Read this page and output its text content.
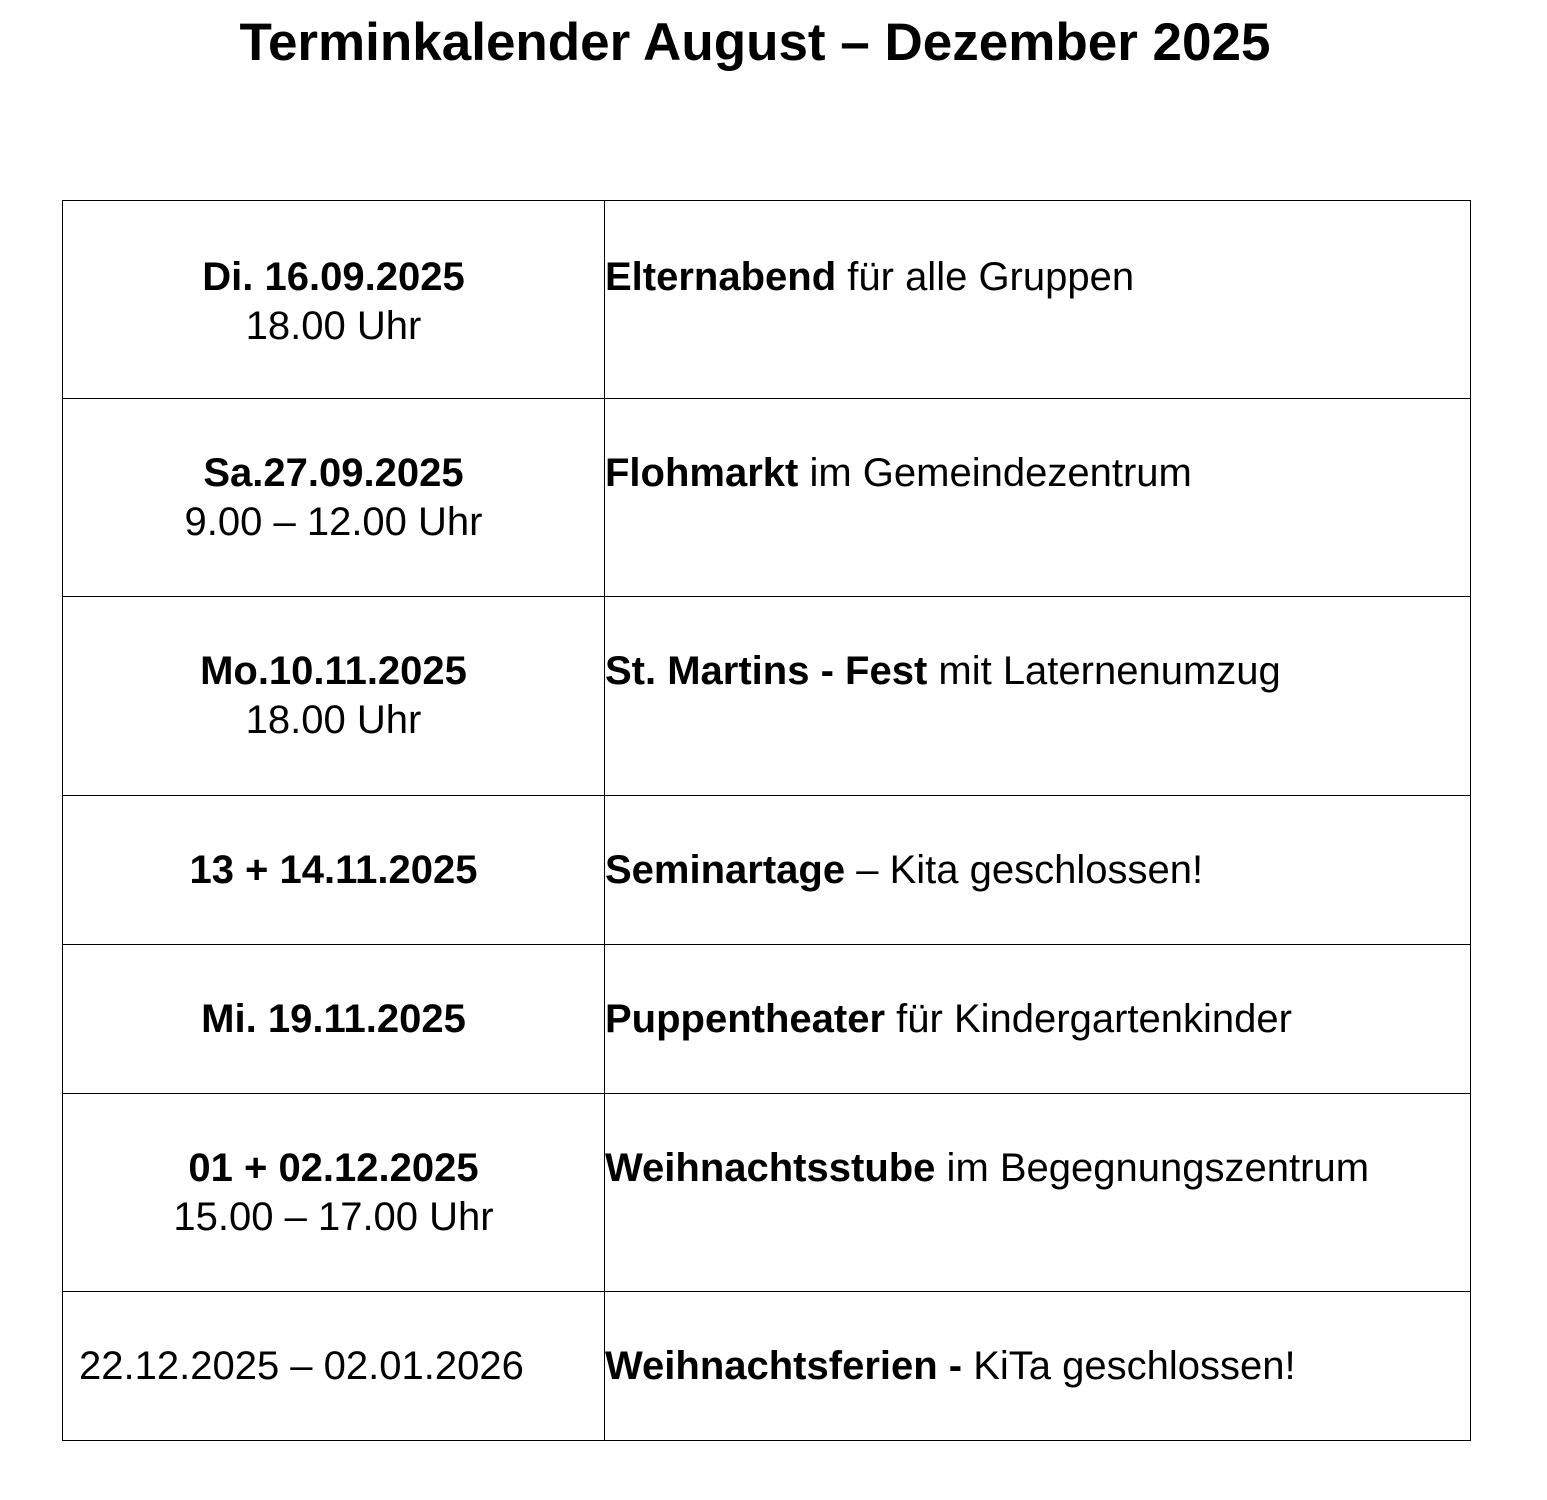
Terminkalender August – Dezember 2025
Di. 16.09.2025
18.00 Uhr	Elternabend für alle Gruppen

Sa.27.09.2025
9.00 – 12.00 Uhr	Flohmarkt im Gemeindezentrum

Mo.10.11.2025
18.00 Uhr	St. Martins - Fest mit Laternenumzug

13 + 14.11.2025	Seminartage – Kita geschlossen!

Mi. 19.11.2025	Puppentheater für Kindergartenkinder

01 + 02.12.2025
15.00 – 17.00 Uhr	Weihnachtsstube im Begegnungszentrum

22.12.2025 – 02.01.2026	Weihnachtsferien - KiTa geschlossen!
